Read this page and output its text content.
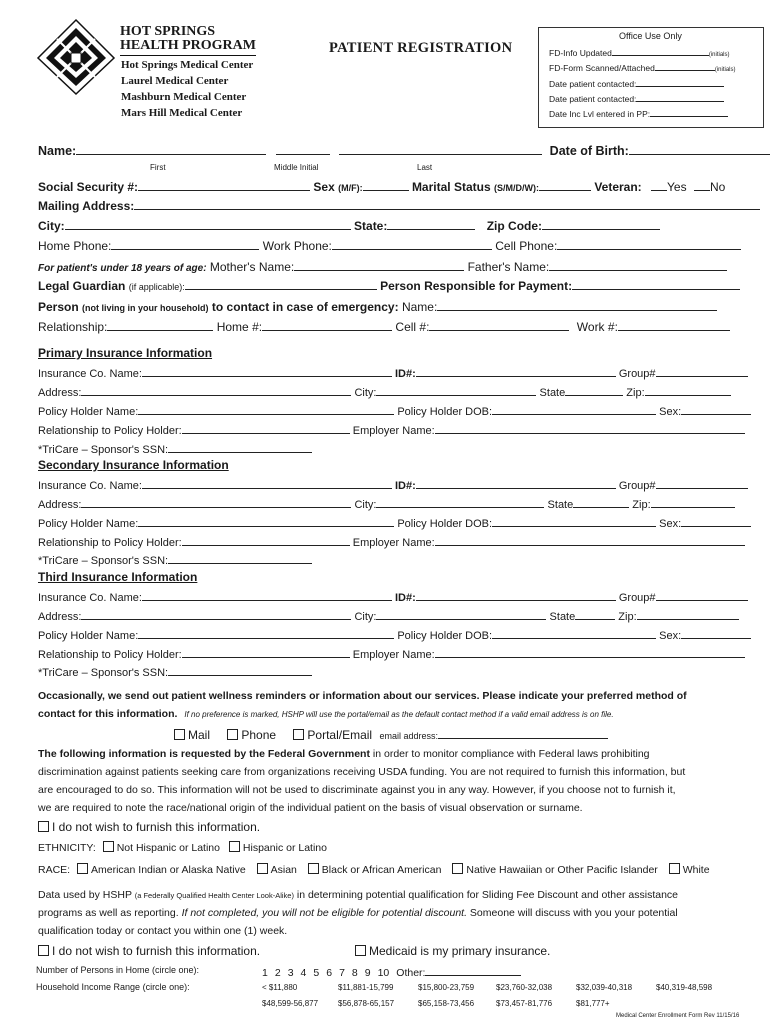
HOT SPRINGS
HEALTH PROGRAM
Hot Springs Medical Center
Laurel Medical Center
Mashburn Medical Center
Mars Hill Medical Center
PATIENT REGISTRATION
Office Use Only
FD-Info Updated	(initials)
FD-Form Scanned/Attached	(initials)
Date patient contacted:
Date patient contacted:
Date Inc Lvl entered in PP:
Name:	Date of Birth:
First	Middle Initial	Last
Social Security #:	Sex (M/F):	Marital Status (S/M/D/W):	Veteran: Yes No
Mailing Address:
City:	State:	Zip Code:
Home Phone:	Work Phone:	Cell Phone:
For patient's under 18 years of age: Mother's Name:	Father's Name:
Legal Guardian (if applicable):	Person Responsible for Payment:
Person (not living in your household) to contact in case of emergency: Name:
Relationship:	Home #:	Cell #:	Work #:
Primary Insurance Information
Insurance Co. Name:	ID#:	Group#
Address:	City:	State	Zip:
Policy Holder Name:	Policy Holder DOB:	Sex:
Relationship to Policy Holder:	Employer Name:
*TriCare – Sponsor's SSN:
Secondary Insurance Information
Insurance Co. Name:	ID#:	Group#
Address:	City:	State	Zip:
Policy Holder Name:	Policy Holder DOB:	Sex:
Relationship to Policy Holder:	Employer Name:
*TriCare – Sponsor's SSN:
Third Insurance Information
Insurance Co. Name:	ID#:	Group#
Address:	City:	State	Zip:
Policy Holder Name:	Policy Holder DOB:	Sex:
Relationship to Policy Holder:	Employer Name:
*TriCare – Sponsor's SSN:
Occasionally, we send out patient wellness reminders or information about our services. Please indicate your preferred method of
contact for this information. If no preference is marked, HSHP will use the portal/email as the default contact method if a valid email address is on file.
Mail	Phone	Portal/Email email address:
The following information is requested by the Federal Government in order to monitor compliance with Federal laws prohibiting
discrimination against patients seeking care from organizations receiving USDA funding. You are not required to furnish this information, but
are encouraged to do so. This information will not be used to discriminate against you in any way. However, if you choose not to furnish it,
we are required to note the race/national origin of the individual patient on the basis of visual observation or surname.
I do not wish to furnish this information.
ETHNICITY: Not Hispanic or Latino Hispanic or Latino
RACE: American Indian or Alaska Native Asian Black or African American Native Hawaiian or Other Pacific Islander White
Data used by HSHP (a Federally Qualified Health Center Look-Alike) in determining potential qualification for Sliding Fee Discount and other assistance
programs as well as reporting. If not completed, you will not be eligible for potential discount. Someone will discuss with you your potential
qualification today or contact you within one (1) week.
I do not wish to furnish this information.	Medicaid is my primary insurance.
Number of Persons in Home (circle one):	1 2 3 4 5 6 7 8 9 10 Other:
Household Income Range (circle one):	< $11,880	$11,881-15,799	$15,800-23,759	$23,760-32,038	$32,039-40,318	$40,319-48,598
$48,599-56,877 $56,878-65,157	$65,158-73,456	$73,457-81,776	$81,777+
Medical Center Enrollment Form Rev 11/15/16
